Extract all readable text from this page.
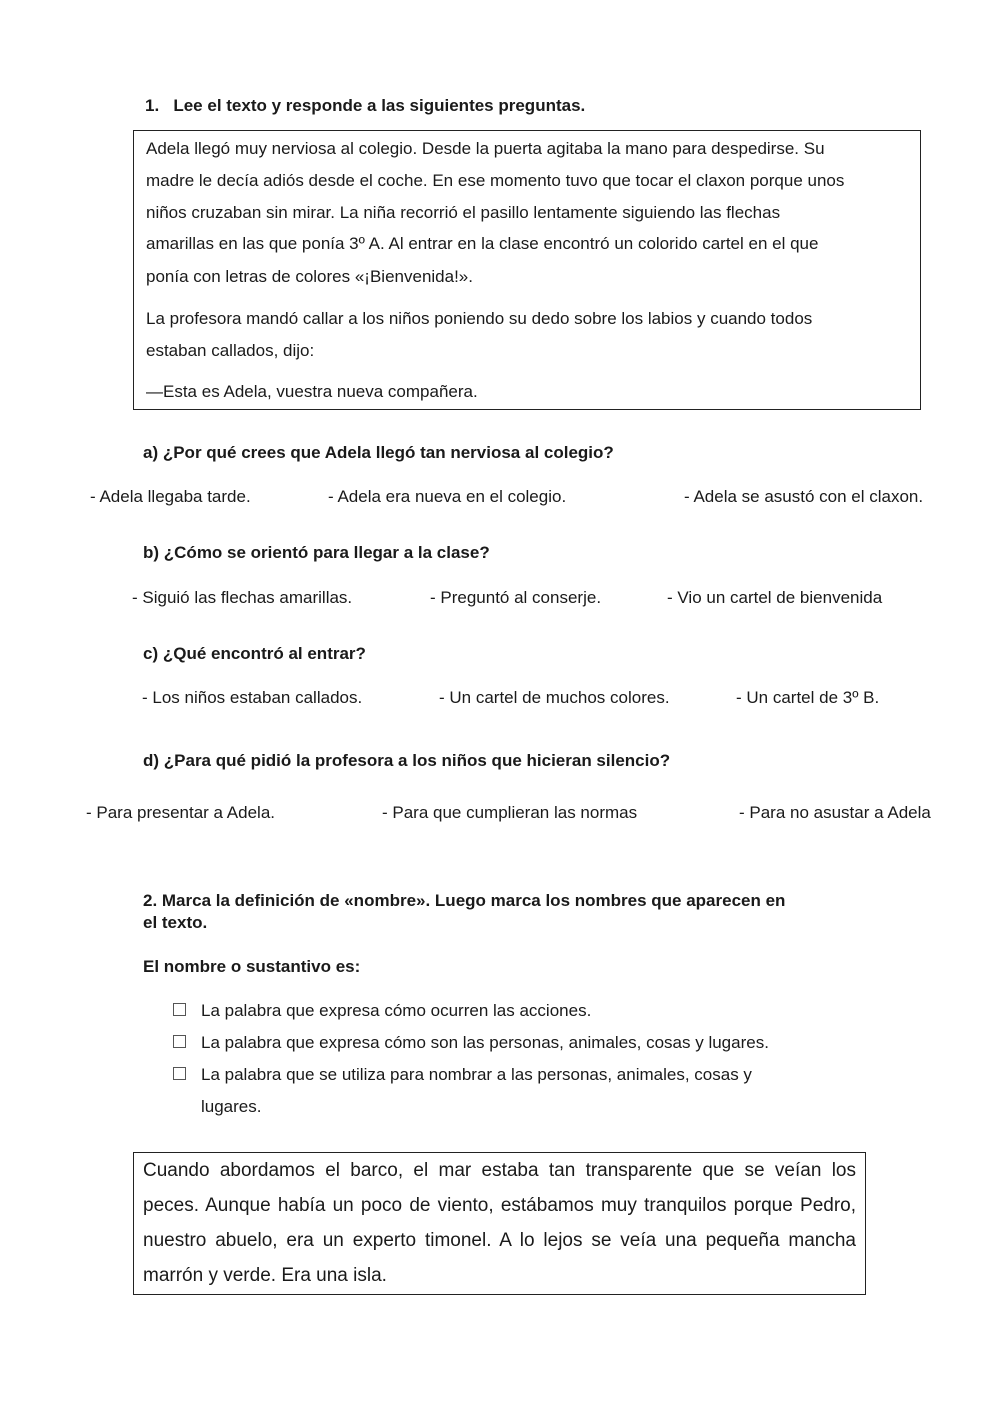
1.   Lee el texto y responde a las siguientes preguntas.

Adela llegó muy nerviosa al colegio. Desde la puerta agitaba la mano para despedirse. Su

madre le decía adiós desde el coche. En ese momento tuvo que tocar el claxon porque unos

niños cruzaban sin mirar. La niña recorrió el pasillo lentamente siguiendo las flechas

amarillas en las que ponía 3º A. Al entrar en la clase encontró un colorido cartel en el que

ponía con letras de colores «¡Bienvenida!».

La profesora mandó callar a los niños poniendo su dedo sobre los labios y cuando todos

estaban callados, dijo:

—Esta es Adela, vuestra nueva compañera.

a) ¿Por qué crees que Adela llegó tan nerviosa al colegio?
- Adela llegaba tarde.	- Adela era nueva en el colegio.	- Adela se asustó con el claxon.
b) ¿Cómo se orientó para llegar a la clase?
- Siguió las flechas amarillas.	- Preguntó al conserje.	- Vio un cartel de bienvenida
c) ¿Qué encontró al entrar?
- Los niños estaban callados.	- Un cartel de muchos colores.	- Un cartel de 3º B.
d) ¿Para qué pidió la profesora a los niños que hicieran silencio?
- Para presentar a Adela.	- Para que cumplieran las normas	- Para no asustar a Adela
2. Marca la definición de «nombre». Luego marca los nombres que aparecen en
el texto.
El nombre o sustantivo es:
La palabra que expresa cómo ocurren las acciones.
La palabra que expresa cómo son las personas, animales, cosas y lugares.
La palabra que se utiliza para nombrar a las personas, animales, cosas y lugares.
Cuando abordamos el barco, el mar estaba tan transparente que se veían los peces. Aunque había un poco de viento, estábamos muy tranquilos porque Pedro, nuestro abuelo, era un experto timonel. A lo lejos se veía una pequeña mancha marrón y verde. Era una isla.
